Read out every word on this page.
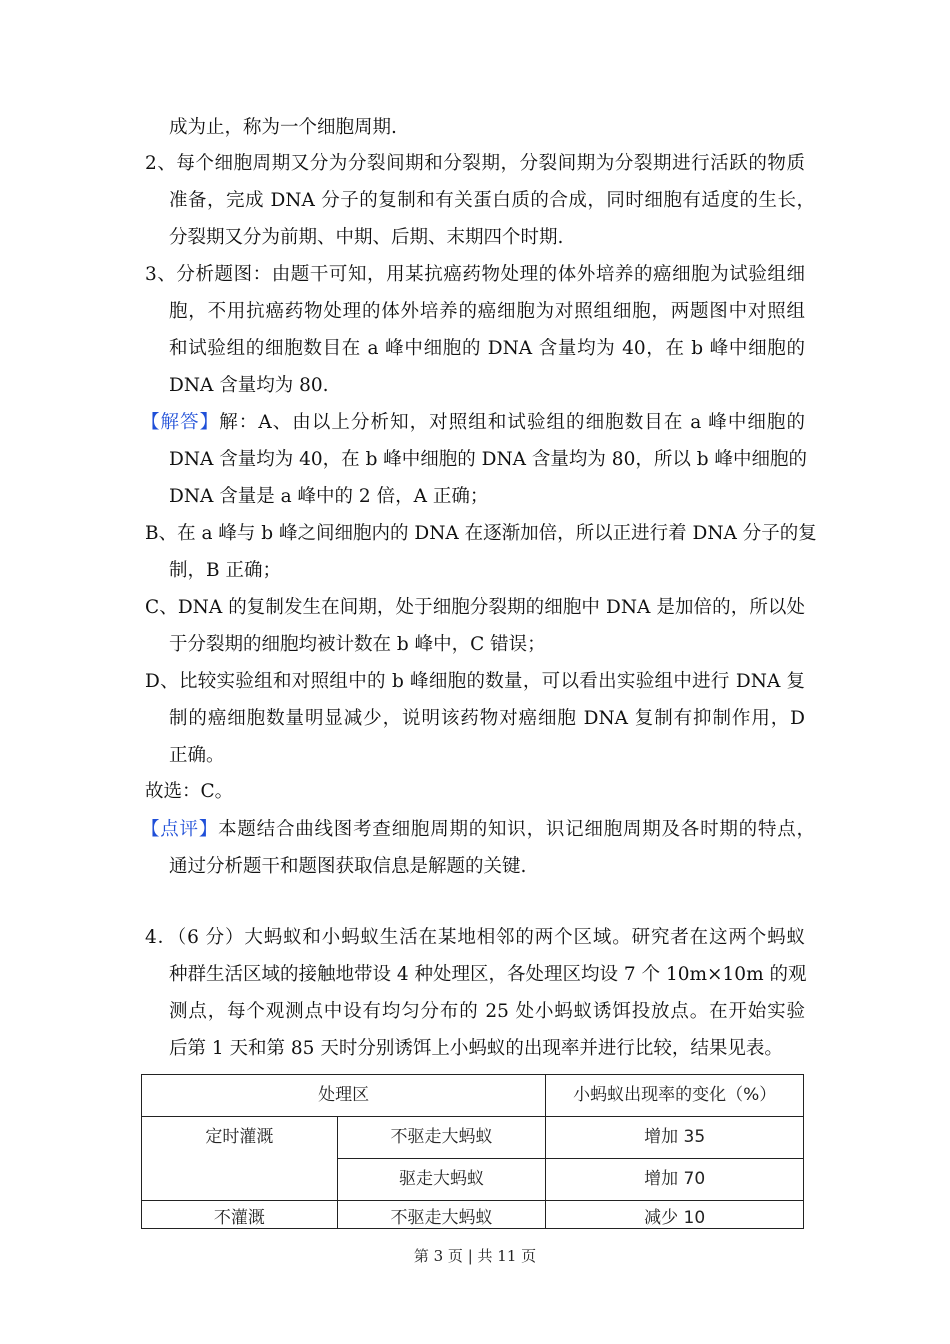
成为止，称为一个细胞周期.
2、每个细胞周期又分为分裂间期和分裂期，分裂间期为分裂期进行活跃的物质
准备，完成 DNA 分子的复制和有关蛋白质的合成，同时细胞有适度的生长，
分裂期又分为前期、中期、后期、末期四个时期.
3、分析题图：由题干可知，用某抗癌药物处理的体外培养的癌细胞为试验组细
胞，不用抗癌药物处理的体外培养的癌细胞为对照组细胞，两题图中对照组
和试验组的细胞数目在 a 峰中细胞的 DNA 含量均为 40，在 b 峰中细胞的
DNA 含量均为 80.
【解答】解：A、由以上分析知，对照组和试验组的细胞数目在 a 峰中细胞的
DNA 含量均为 40，在 b 峰中细胞的 DNA 含量均为 80，所以 b 峰中细胞的
DNA 含量是 a 峰中的 2 倍，A 正确；
B、在 a 峰与 b 峰之间细胞内的 DNA 在逐渐加倍，所以正进行着 DNA 分子的复
制，B 正确；
C、DNA 的复制发生在间期，处于细胞分裂期的细胞中 DNA 是加倍的，所以处
于分裂期的细胞均被计数在 b 峰中，C 错误；
D、比较实验组和对照组中的 b 峰细胞的数量，可以看出实验组中进行 DNA 复
制的癌细胞数量明显减少，说明该药物对癌细胞 DNA 复制有抑制作用，D
正确。
故选：C。
【点评】本题结合曲线图考查细胞周期的知识，识记细胞周期及各时期的特点，
通过分析题干和题图获取信息是解题的关键.
4．（6 分）大蚂蚁和小蚂蚁生活在某地相邻的两个区域。研究者在这两个蚂蚁
种群生活区域的接触地带设 4 种处理区，各处理区均设 7 个 10m×10m 的观
测点，每个观测点中设有均匀分布的 25 处小蚂蚁诱饵投放点。在开始实验
后第 1 天和第 85 天时分别诱饵上小蚂蚁的出现率并进行比较，结果见表。
处理区		小蚂蚁出现率的变化（%）
定时灌溉	不驱走大蚂蚁	增加 35
	驱走大蚂蚁	增加 70
不灌溉	不驱走大蚂蚁	减少 10
第 3 页 | 共 11 页
